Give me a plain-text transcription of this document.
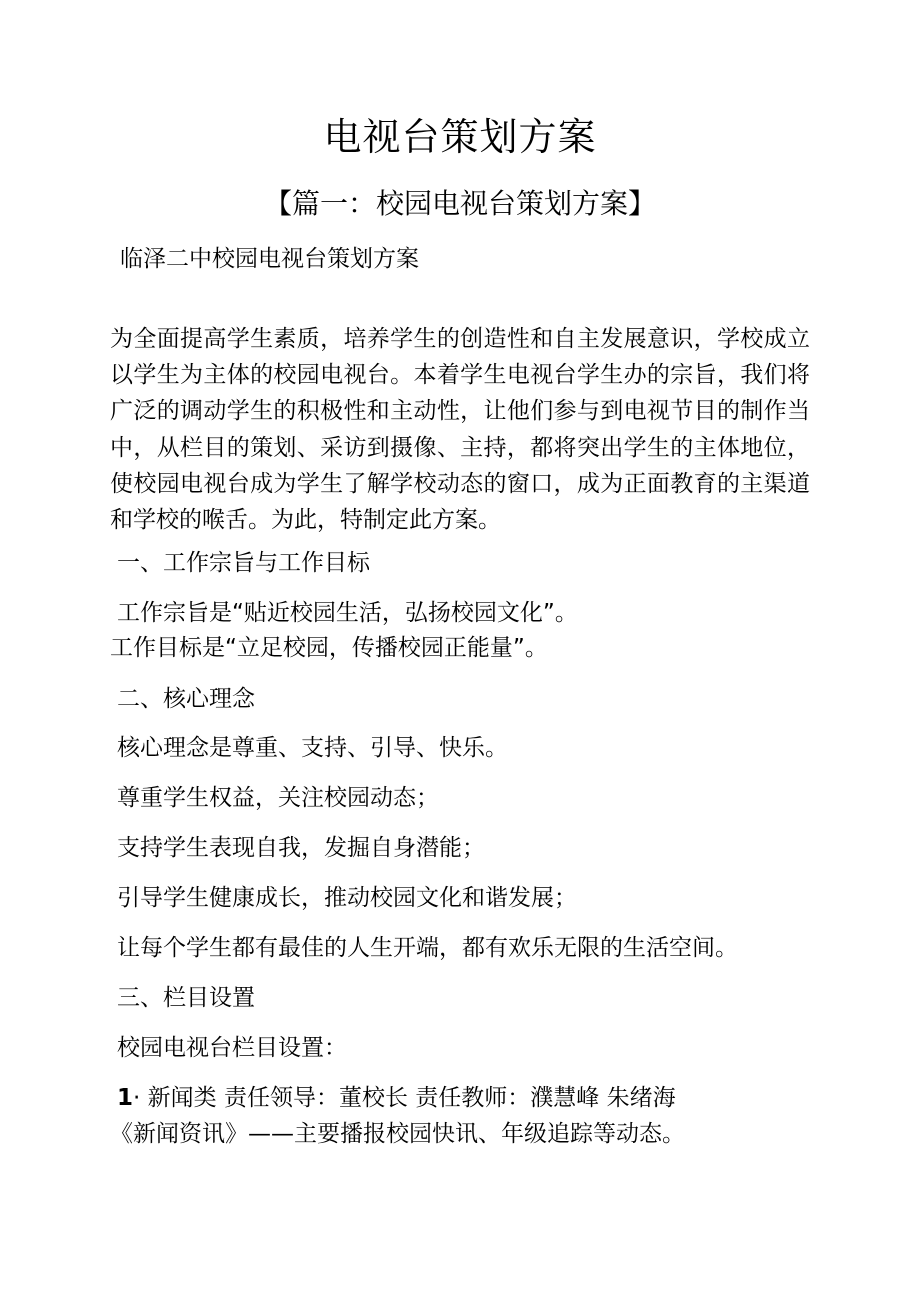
电视台策划方案
【篇一：校园电视台策划方案】
临泽二中校园电视台策划方案
为全面提高学生素质，培养学生的创造性和自主发展意识，学校成立以学生为主体的校园电视台。本着学生电视台学生办的宗旨，我们将广泛的调动学生的积极性和主动性，让他们参与到电视节目的制作当中，从栏目的策划、采访到摄像、主持，都将突出学生的主体地位，使校园电视台成为学生了解学校动态的窗口，成为正面教育的主渠道和学校的喉舌。为此，特制定此方案。
一、工作宗旨与工作目标
工作宗旨是“贴近校园生活，弘扬校园文化”。
工作目标是“立足校园，传播校园正能量”。
二、核心理念
核心理念是尊重、支持、引导、快乐。
尊重学生权益，关注校园动态；
支持学生表现自我，发掘自身潜能；
引导学生健康成长，推动校园文化和谐发展；
让每个学生都有最佳的人生开端，都有欢乐无限的生活空间。
三、栏目设置
校园电视台栏目设置：
1· 新闻类 责任领导：董校长 责任教师：濮慧峰 朱绪海
《新闻资讯》——主要播报校园快讯、年级追踪等动态。
